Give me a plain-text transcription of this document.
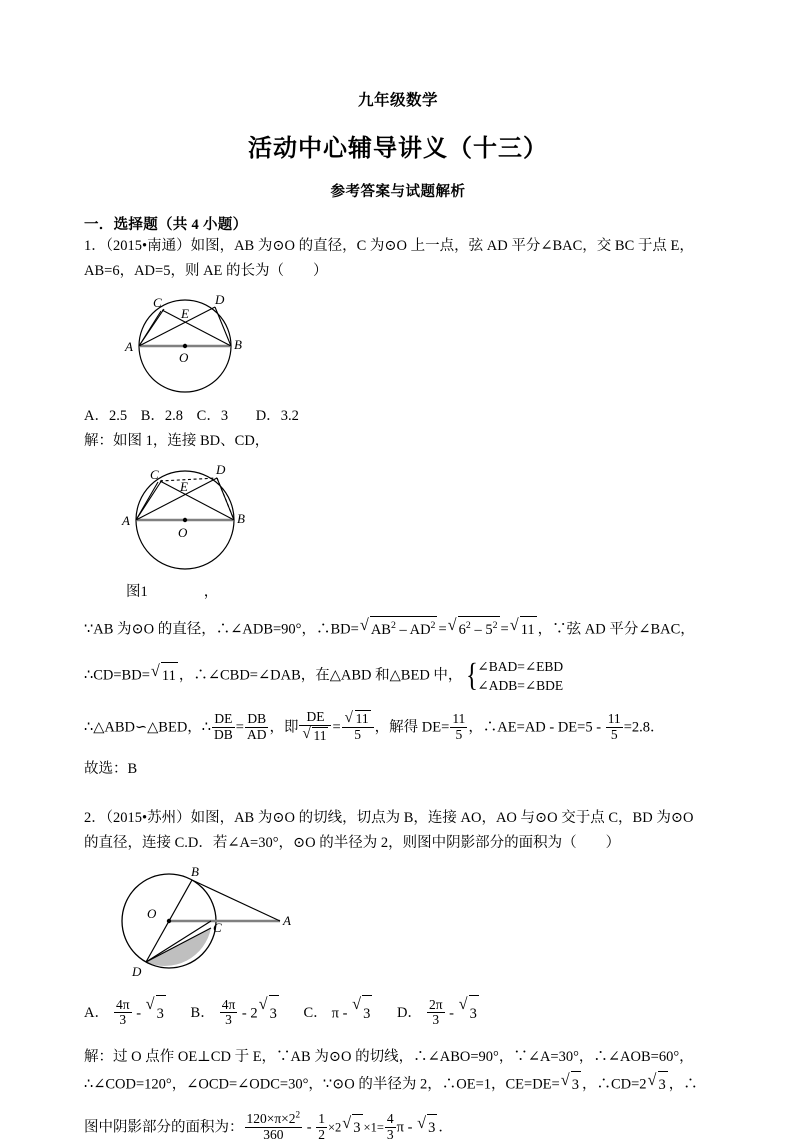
九年级数学
活动中心辅导讲义（十三）
参考答案与试题解析
一．选择题（共 4 小题）
1．（2015•南通）如图，AB 为⊙O 的直径，C 为⊙O 上一点，弦 AD 平分∠BAC，交 BC 于点 E，
AB=6，AD=5，则 AE 的长为（　　）
C	D
E
A	B
O
A．2.5 B．2.8 C．3 D．3.2
解：如图 1，连接 BD、CD，
C	D
E
A	B
O
图1	，
∵AB 为⊙O 的直径，∴∠ADB=90°，∴BD= √ $AB^2 - AD^2$ = √ $6^2 - 5^2$ = √ 11 ，∵弦 AD 平分∠BAC，
∴CD=BD= √ 11 ，∴∠CBD=∠DAB，在△ABD 和△BED 中， { ∠BAD=∠EBD
∠ADB=∠BDE
∴△ABD∽△BED，∴ $\frac{DE}{DB} = \frac{DB}{AD}$ ，即 $\frac{DE}{√ 11} = \frac{√ 11}{5}$ ，解得 $DE= \frac{11}{5}$ ，∴AE=AD - $DE=5 - \frac{11}{5} =2.8$．
故选：B
2．（2015•苏州）如图，AB 为⊙O 的切线，切点为 B，连接 AO，AO 与⊙O 交于点 C，BD 为⊙O
的直径，连接 C.D．若∠A=30°，⊙O 的半径为 2，则图中阴影部分的面积为（　　）
B
O
C	A
D
A． $\frac{4\pi}{3}$ -
√
3 B． $\frac{4\pi}{3} - 2$
√
3 C． π -
√
3 D． $\frac{2\pi}{3}$ -
√
3
解：过 O 点作 OE⊥CD 于 E，∵AB 为⊙O 的切线，∴∠ABO=90°，∵∠A=30°，∴∠AOB=60°，
∴∠COD=120°，∠OCD=∠ODC=30°，∵⊙O 的半径为 2，∴OE=1，CE=DE= √ 3 ，∴CD=2 √ 3 ，∴
图中阴影部分的面积为： $\frac{120\times\pi\times 2^2}{360} - \frac{1}{2} \times 2$ √ $3 \times 1= \frac{4}{3}$ π - √ 3 ．
